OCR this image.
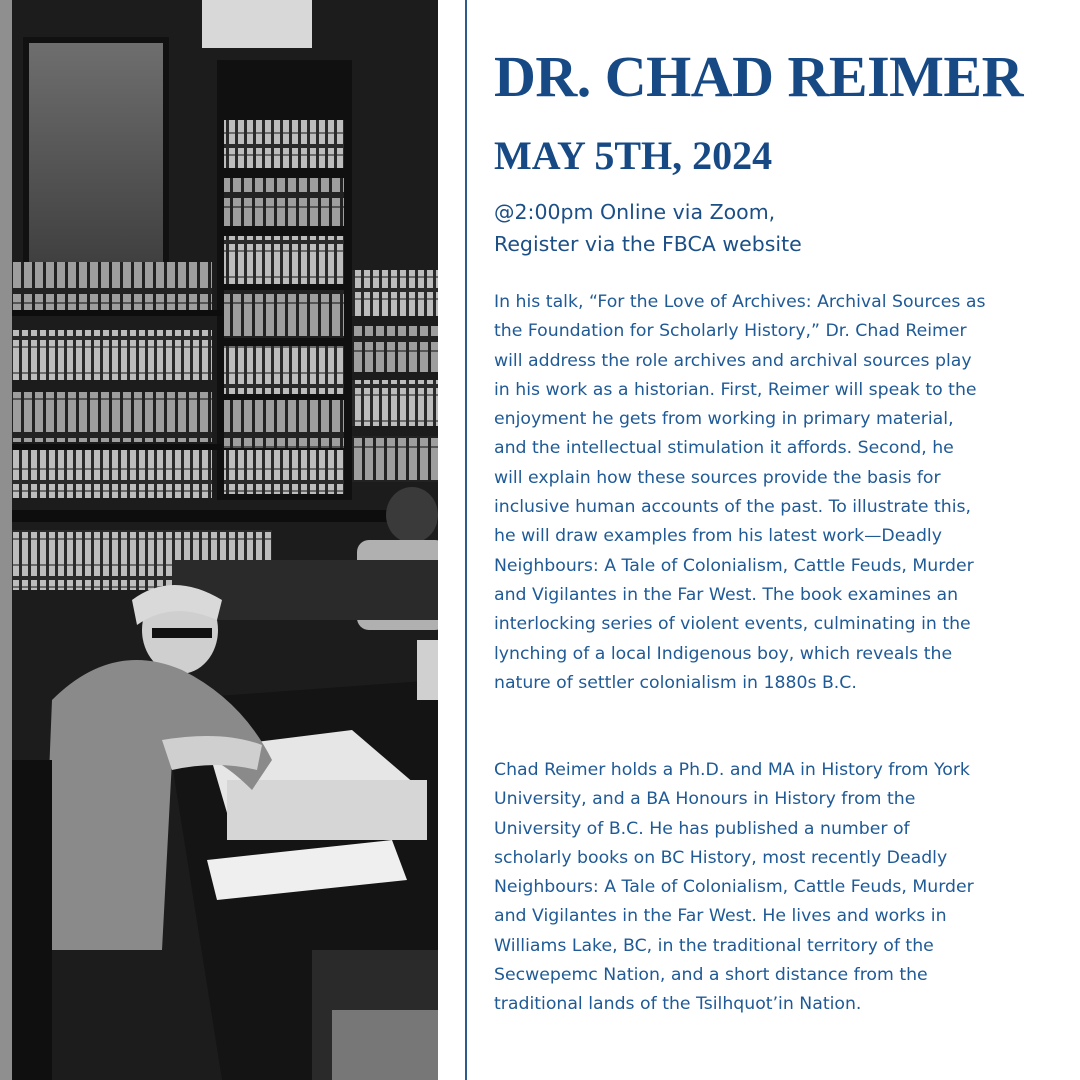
DR. CHAD REIMER
MAY 5TH, 2024
@2:00pm Online via Zoom,
Register via the FBCA website
In his talk, “For the Love of Archives: Archival Sources as
the Foundation for Scholarly History,” Dr. Chad Reimer
will address the role archives and archival sources play
in his work as a historian. First, Reimer will speak to the
enjoyment he gets from working in primary material,
and the intellectual stimulation it affords. Second, he
will explain how these sources provide the basis for
inclusive human accounts of the past. To illustrate this,
he will draw examples from his latest work—Deadly
Neighbours: A Tale of Colonialism, Cattle Feuds, Murder
and Vigilantes in the Far West. The book examines an
interlocking series of violent events, culminating in the
lynching of a local Indigenous boy, which reveals the
nature of settler colonialism in 1880s B.C.
Chad Reimer holds a Ph.D. and MA in History from York
University, and a BA Honours in History from the
University of B.C. He has published a number of
scholarly books on BC History, most recently Deadly
Neighbours: A Tale of Colonialism, Cattle Feuds, Murder
and Vigilantes in the Far West. He lives and works in
Williams Lake, BC, in the traditional territory of the
Secwepemc Nation, and a short distance from the
traditional lands of the Tsilhquot’in Nation.
